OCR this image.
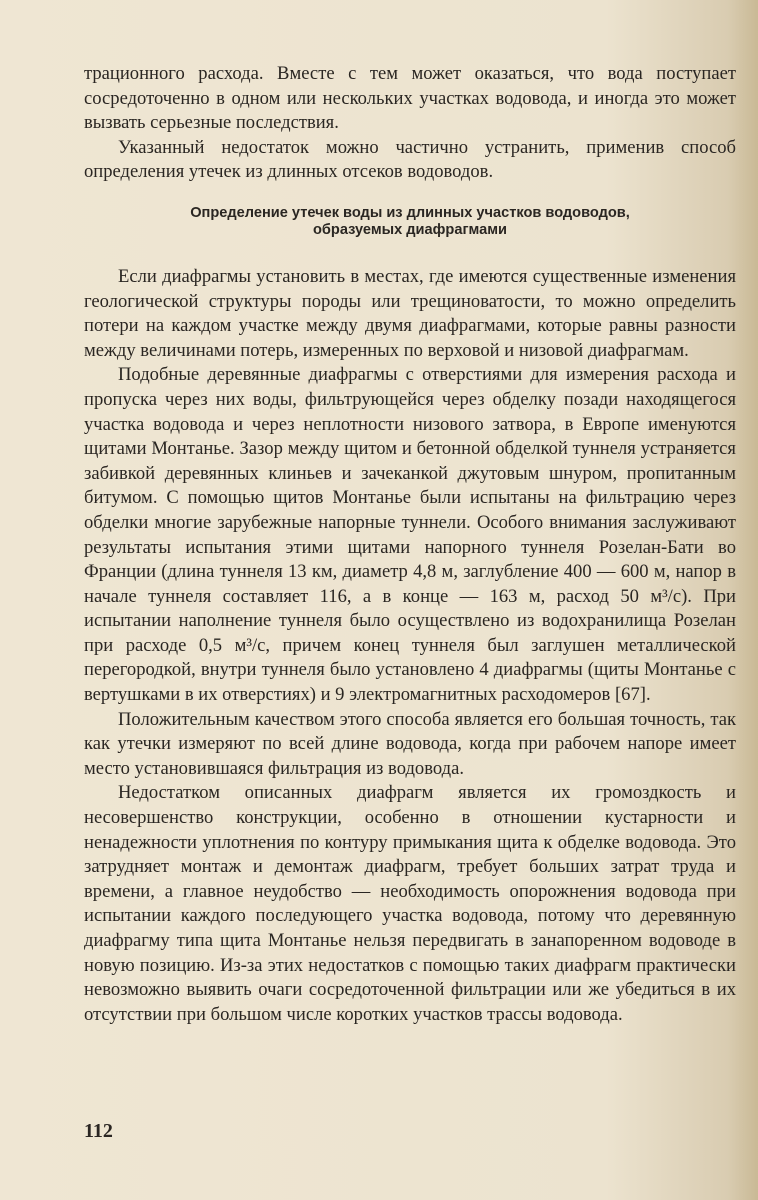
трационного расхода. Вместе с тем может оказаться, что вода поступает сосредоточенно в одном или нескольких участках водовода, и иногда это может вызвать серьезные последствия.

Указанный недостаток можно частично устранить, применив способ определения утечек из длинных отсеков водоводов.

Определение утечек воды из длинных участков водоводов,
образуемых диафрагмами

Если диафрагмы установить в местах, где имеются существенные изменения геологической структуры породы или трещиноватости, то можно определить потери на каждом участке между двумя диафрагмами, которые равны разности между величинами потерь, измеренных по верховой и низовой диафрагмам.

Подобные деревянные диафрагмы с отверстиями для измерения расхода и пропуска через них воды, фильтрующейся через обделку позади находящегося участка водовода и через неплотности низового затвора, в Европе именуются щитами Монтанье. Зазор между щитом и бетонной обделкой туннеля устраняется забивкой деревянных клиньев и зачеканкой джутовым шнуром, пропитанным битумом. С помощью щитов Монтанье были испытаны на фильтрацию через обделки многие зарубежные напорные туннели. Особого внимания заслуживают результаты испытания этими щитами напорного туннеля Розелан-Бати во Франции (длина туннеля 13 км, диаметр 4,8 м, заглубление 400 — 600 м, напор в начале туннеля составляет 116, а в конце — 163 м, расход 50 м³/с). При испытании наполнение туннеля было осуществлено из водохранилища Розелан при расходе 0,5 м³/с, причем конец туннеля был заглушен металлической перегородкой, внутри туннеля было установлено 4 диафрагмы (щиты Монтанье с вертушками в их отверстиях) и 9 электромагнитных расходомеров [67].

Положительным качеством этого способа является его большая точность, так как утечки измеряют по всей длине водовода, когда при рабочем напоре имеет место установившаяся фильтрация из водовода.

Недостатком описанных диафрагм является их громоздкость и несовершенство конструкции, особенно в отношении кустарности и ненадежности уплотнения по контуру примыкания щита к обделке водовода. Это затрудняет монтаж и демонтаж диафрагм, требует больших затрат труда и времени, а главное неудобство — необходимость опорожнения водовода при испытании каждого последующего участка водовода, потому что деревянную диафрагму типа щита Монтанье нельзя передвигать в занапоренном водоводе в новую позицию. Из-за этих недостатков с помощью таких диафрагм практически невозможно выявить очаги сосредоточенной фильтрации или же убедиться в их отсутствии при большом числе коротких участков трассы водовода.

112
